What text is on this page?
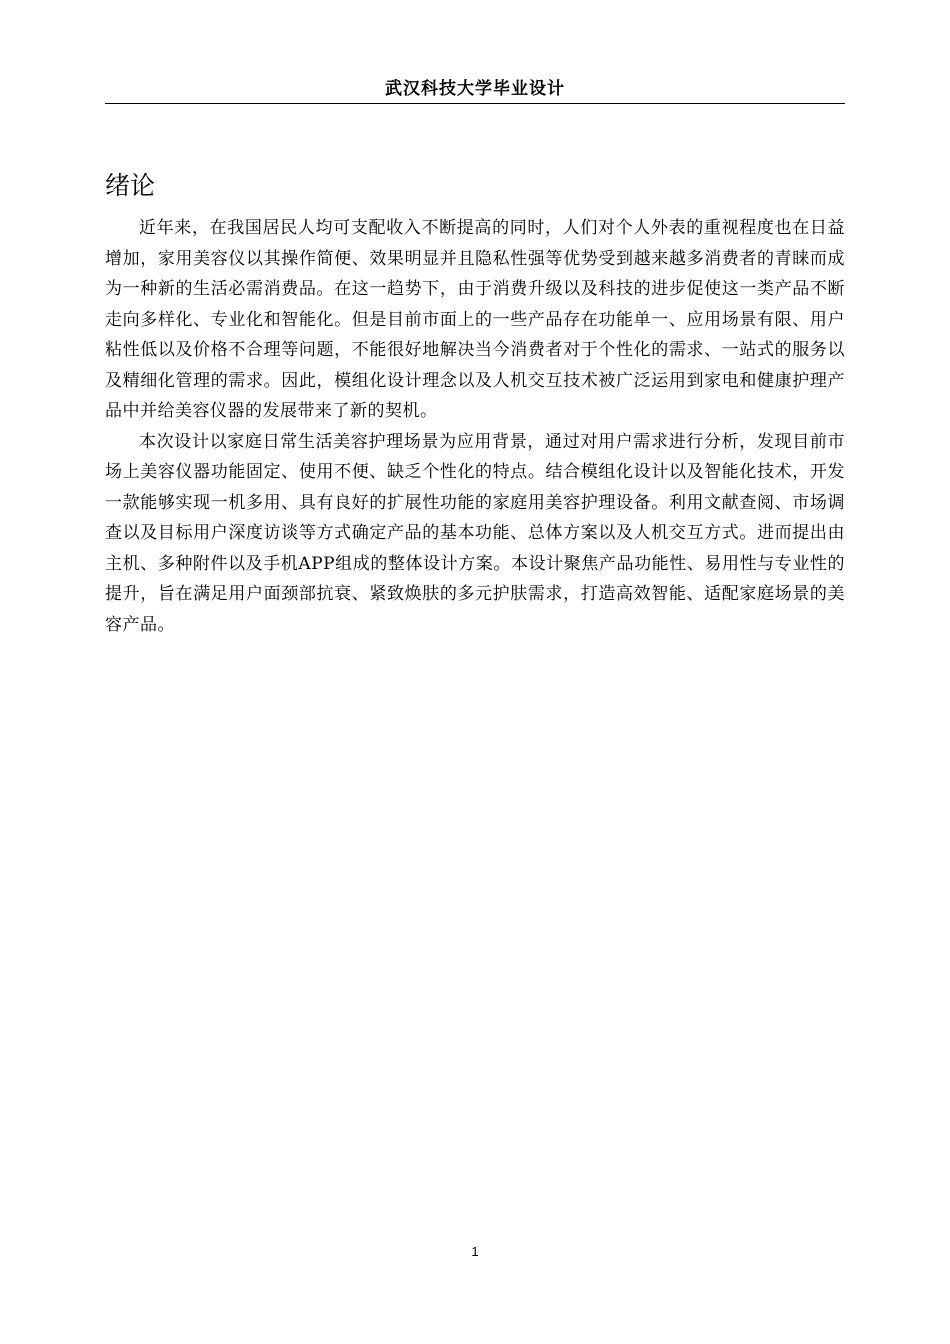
武汉科技大学毕业设计
绪论

近年来，在我国居民人均可支配收入不断提高的同时，人们对个人外表的重视程度也在日益增加，家用美容仪以其操作简便、效果明显并且隐私性强等优势受到越来越多消费者的青睐而成为一种新的生活必需消费品。在这一趋势下，由于消费升级以及科技的进步促使这一类产品不断走向多样化、专业化和智能化。但是目前市面上的一些产品存在功能单一、应用场景有限、用户粘性低以及价格不合理等问题，不能很好地解决当今消费者对于个性化的需求、一站式的服务以及精细化管理的需求。因此，模组化设计理念以及人机交互技术被广泛运用到家电和健康护理产品中并给美容仪器的发展带来了新的契机。

本次设计以家庭日常生活美容护理场景为应用背景，通过对用户需求进行分析，发现目前市场上美容仪器功能固定、使用不便、缺乏个性化的特点。结合模组化设计以及智能化技术，开发一款能够实现一机多用、具有良好的扩展性功能的家庭用美容护理设备。利用文献查阅、市场调查以及目标用户深度访谈等方式确定产品的基本功能、总体方案以及人机交互方式。进而提出由主机、多种附件以及手机APP组成的整体设计方案。本设计聚焦产品功能性、易用性与专业性的提升，旨在满足用户面颈部抗衰、紧致焕肤的多元护肤需求，打造高效智能、适配家庭场景的美容产品。

1
